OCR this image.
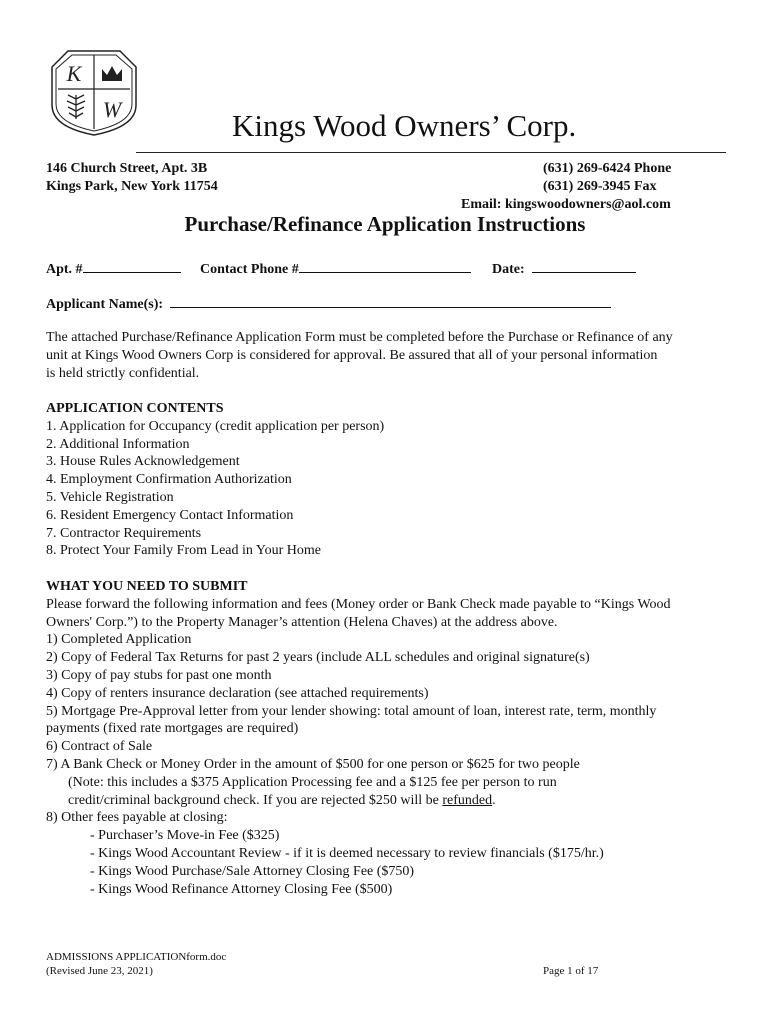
K
W	Kings Wood Owners’ Corp.
146 Church Street, Apt. 3B
Kings Park, New York 11754
(631) 269-6424 Phone
(631) 269-3945 Fax
Email: kingswoodowners@aol.com
Purchase/Refinance Application Instructions
Apt. #	Contact Phone #	Date:
Applicant Name(s):
The attached Purchase/Refinance Application Form must be completed before the Purchase or Refinance of any
unit at Kings Wood Owners Corp is considered for approval. Be assured that all of your personal information
is held strictly confidential.
APPLICATION CONTENTS
1. Application for Occupancy (credit application per person)
2. Additional Information
3. House Rules Acknowledgement
4. Employment Confirmation Authorization
5. Vehicle Registration
6. Resident Emergency Contact Information
7. Contractor Requirements
8. Protect Your Family From Lead in Your Home
WHAT YOU NEED TO SUBMIT
Please forward the following information and fees (Money order or Bank Check made payable to “Kings Wood
Owners' Corp.”) to the Property Manager’s attention (Helena Chaves) at the address above.
1) Completed Application
2) Copy of Federal Tax Returns for past 2 years (include ALL schedules and original signature(s)
3) Copy of pay stubs for past one month
4) Copy of renters insurance declaration (see attached requirements)
5) Mortgage Pre-Approval letter from your lender showing: total amount of loan, interest rate, term, monthly
payments (fixed rate mortgages are required)
6) Contract of Sale
7) A Bank Check or Money Order in the amount of $500 for one person or $625 for two people
(Note: this includes a $375 Application Processing fee and a $125 fee per person to run
credit/criminal background check. If you are rejected $250 will be refunded.
8) Other fees payable at closing:
- Purchaser’s Move-in Fee ($325)
- Kings Wood Accountant Review - if it is deemed necessary to review financials ($175/hr.)
- Kings Wood Purchase/Sale Attorney Closing Fee ($750)
- Kings Wood Refinance Attorney Closing Fee ($500)
ADMISSIONS APPLICATIONform.doc
(Revised June 23, 2021)	Page 1 of 17
